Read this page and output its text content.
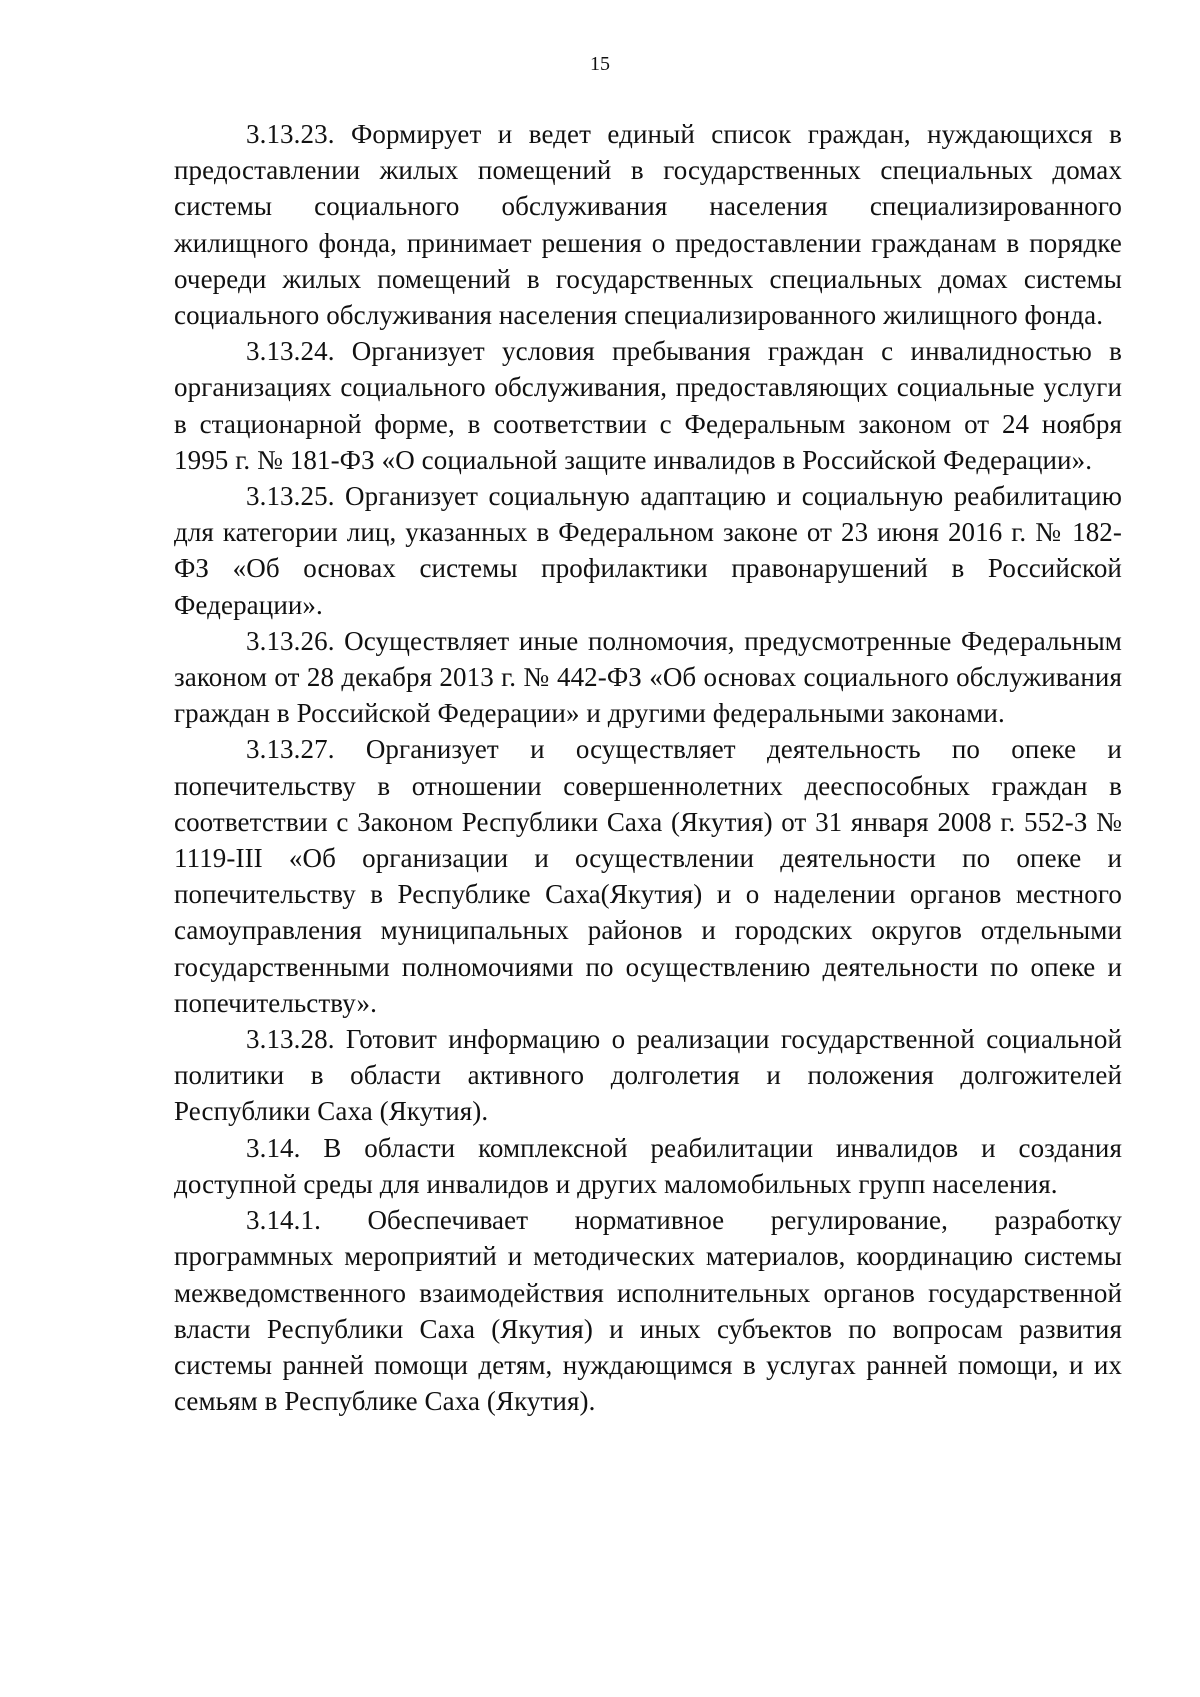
15

3.13.23. Формирует и ведет единый список граждан, нуждающихся в предоставлении жилых помещений в государственных специальных домах системы социального обслуживания населения специализированного жилищного фонда, принимает решения о предоставлении гражданам в порядке очереди жилых помещений в государственных специальных домах системы социального обслуживания населения специализированного жилищного фонда.

3.13.24. Организует условия пребывания граждан с инвалидностью в организациях социального обслуживания, предоставляющих социальные услуги в стационарной форме, в соответствии с Федеральным законом от 24 ноября 1995 г. № 181-ФЗ «О социальной защите инвалидов в Российской Федерации».

3.13.25. Организует социальную адаптацию и социальную реабилитацию для категории лиц, указанных в Федеральном законе от 23 июня 2016 г. № 182-ФЗ «Об основах системы профилактики правонарушений в Российской Федерации».

3.13.26. Осуществляет иные полномочия, предусмотренные Федеральным законом от 28 декабря 2013 г. № 442-ФЗ «Об основах социального обслуживания граждан в Российской Федерации» и другими федеральными законами.

3.13.27. Организует и осуществляет деятельность по опеке и попечительству в отношении совершеннолетних дееспособных граждан в соответствии с Законом Республики Саха (Якутия) от 31 января 2008 г. 552-З № 1119-III «Об организации и осуществлении деятельности по опеке и попечительству в Республике Саха(Якутия) и о наделении органов местного самоуправления муниципальных районов и городских округов отдельными государственными полномочиями по осуществлению деятельности по опеке и попечительству».

3.13.28. Готовит информацию о реализации государственной социальной политики в области активного долголетия и положения долгожителей Республики Саха (Якутия).

3.14. В области комплексной реабилитации инвалидов и создания доступной среды для инвалидов и других маломобильных групп населения.

3.14.1. Обеспечивает нормативное регулирование, разработку программных мероприятий и методических материалов, координацию системы межведомственного взаимодействия исполнительных органов государственной власти Республики Саха (Якутия) и иных субъектов по вопросам развития системы ранней помощи детям, нуждающимся в услугах ранней помощи, и их семьям в Республике Саха (Якутия).
